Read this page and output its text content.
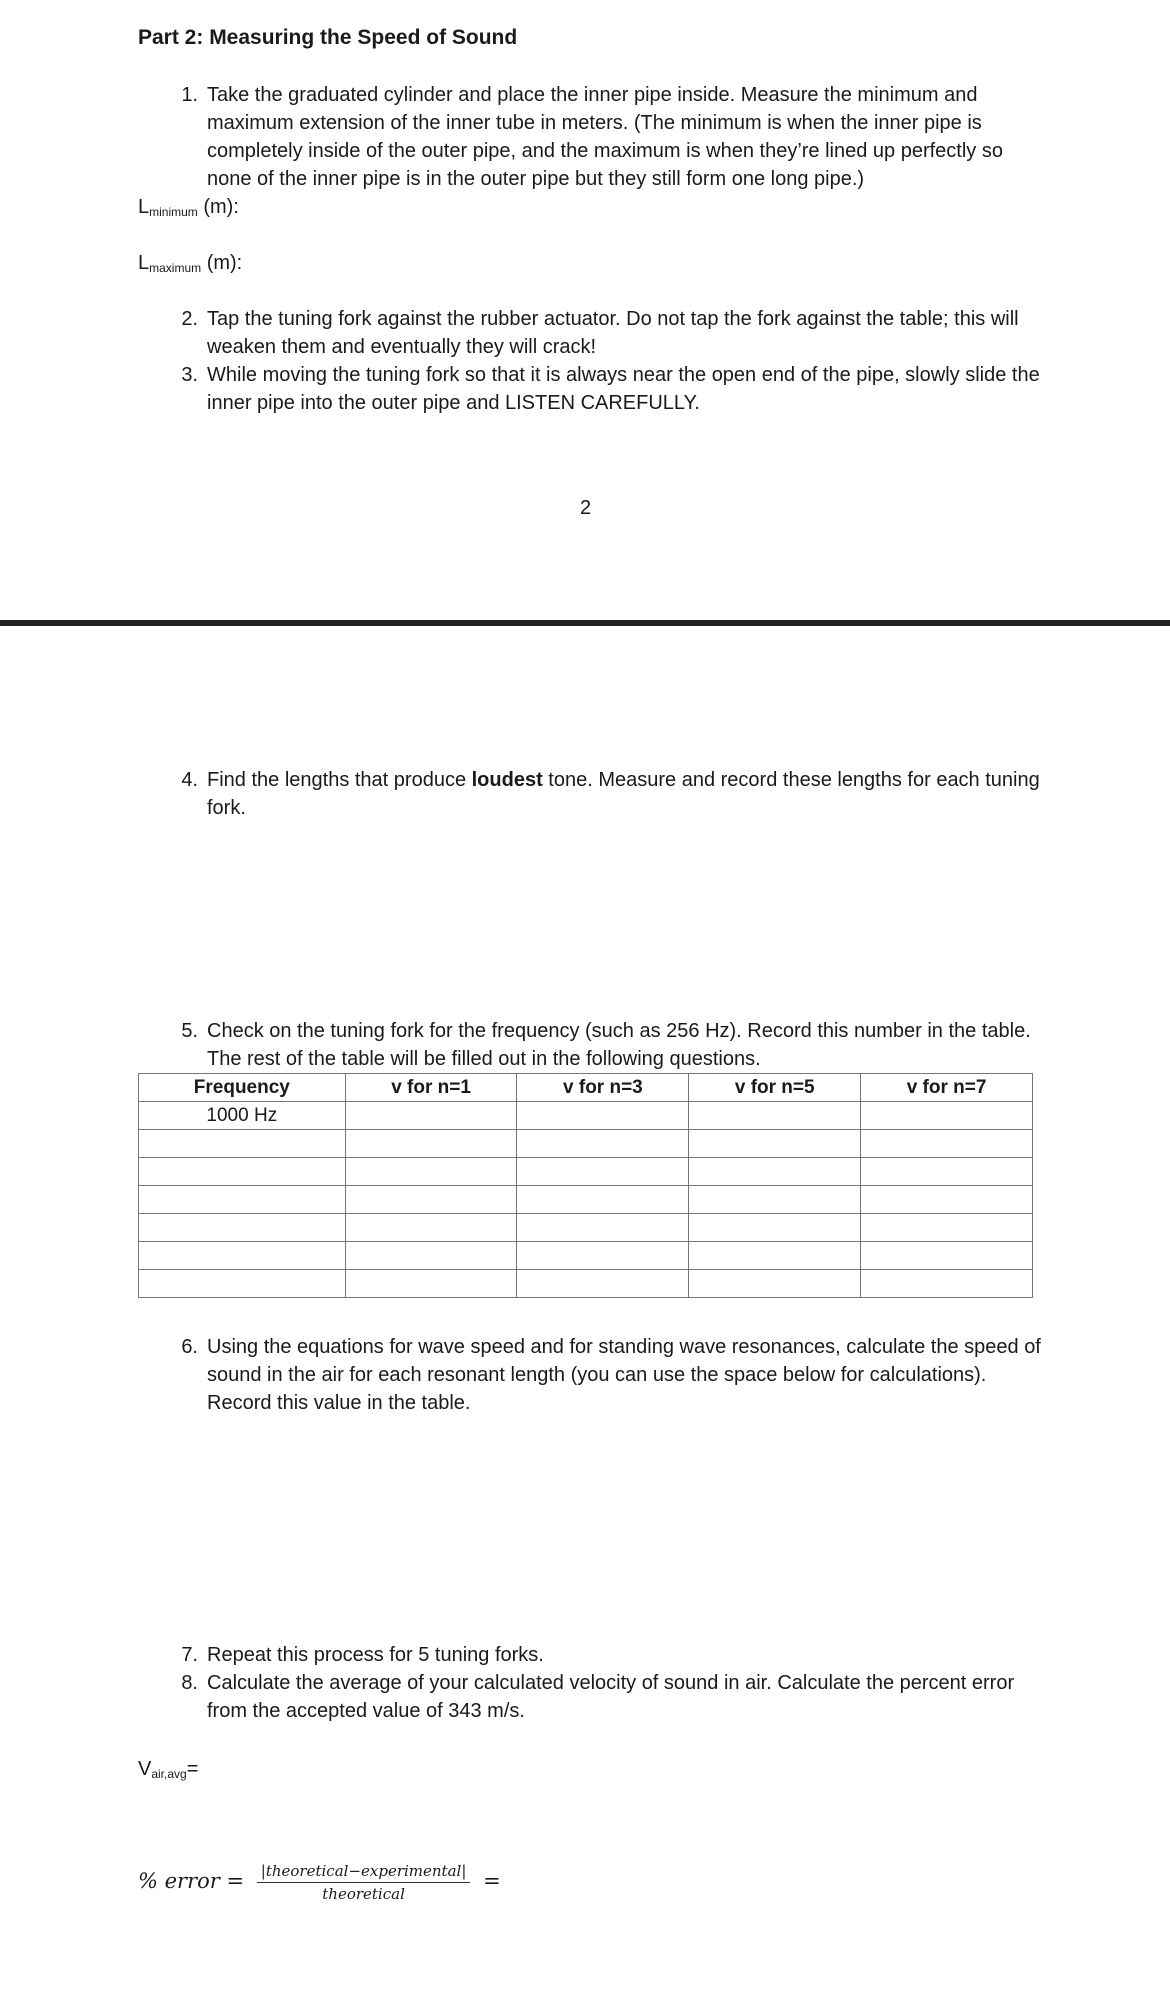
Part 2: Measuring the Speed of Sound
1. Take the graduated cylinder and place the inner pipe inside. Measure the minimum and maximum extension of the inner tube in meters. (The minimum is when the inner pipe is completely inside of the outer pipe, and the maximum is when they’re lined up perfectly so none of the inner pipe is in the outer pipe but they still form one long pipe.)
$L_{minimum}$ (m):
$L_{maximum}$ (m):
2. Tap the tuning fork against the rubber actuator. Do not tap the fork against the table; this will weaken them and eventually they will crack!
3. While moving the tuning fork so that it is always near the open end of the pipe, slowly slide the inner pipe into the outer pipe and LISTEN CAREFULLY.
2
4. Find the lengths that produce loudest tone. Measure and record these lengths for each tuning fork.
5. Check on the tuning fork for the frequency (such as 256 Hz). Record this number in the table. The rest of the table will be filled out in the following questions.
Frequency	v for n=1	v for n=3	v for n=5	v for n=7
1000 Hz				

6. Using the equations for wave speed and for standing wave resonances, calculate the speed of sound in the air for each resonant length (you can use the space below for calculations). Record this value in the table.
7. Repeat this process for 5 tuning forks.
8. Calculate the average of your calculated velocity of sound in air. Calculate the percent error from the accepted value of 343 m/s.
$V_{air,avg}=$
% error = $\frac{\text{|theoretical−experimental|}}{\text{theoretical}}$ =
